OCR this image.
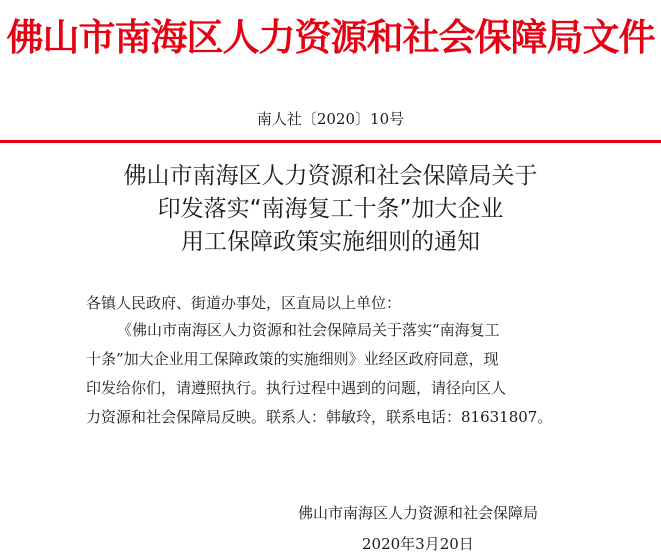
佛山市南海区人力资源和社会保障局文件
南人社〔2020〕10号
佛山市南海区人力资源和社会保障局关于
印发落实“南海复工十条”加大企业
用工保障政策实施细则的通知
各镇人民政府、街道办事处，区直局以上单位：
《佛山市南海区人力资源和社会保障局关于落实“南海复工
十条”加大企业用工保障政策的实施细则》业经区政府同意，现
印发给你们，请遵照执行。执行过程中遇到的问题，请径向区人
力资源和社会保障局反映。联系人：韩敏玲，联系电话：81631807。
佛山市南海区人力资源和社会保障局
2020年3月20日
